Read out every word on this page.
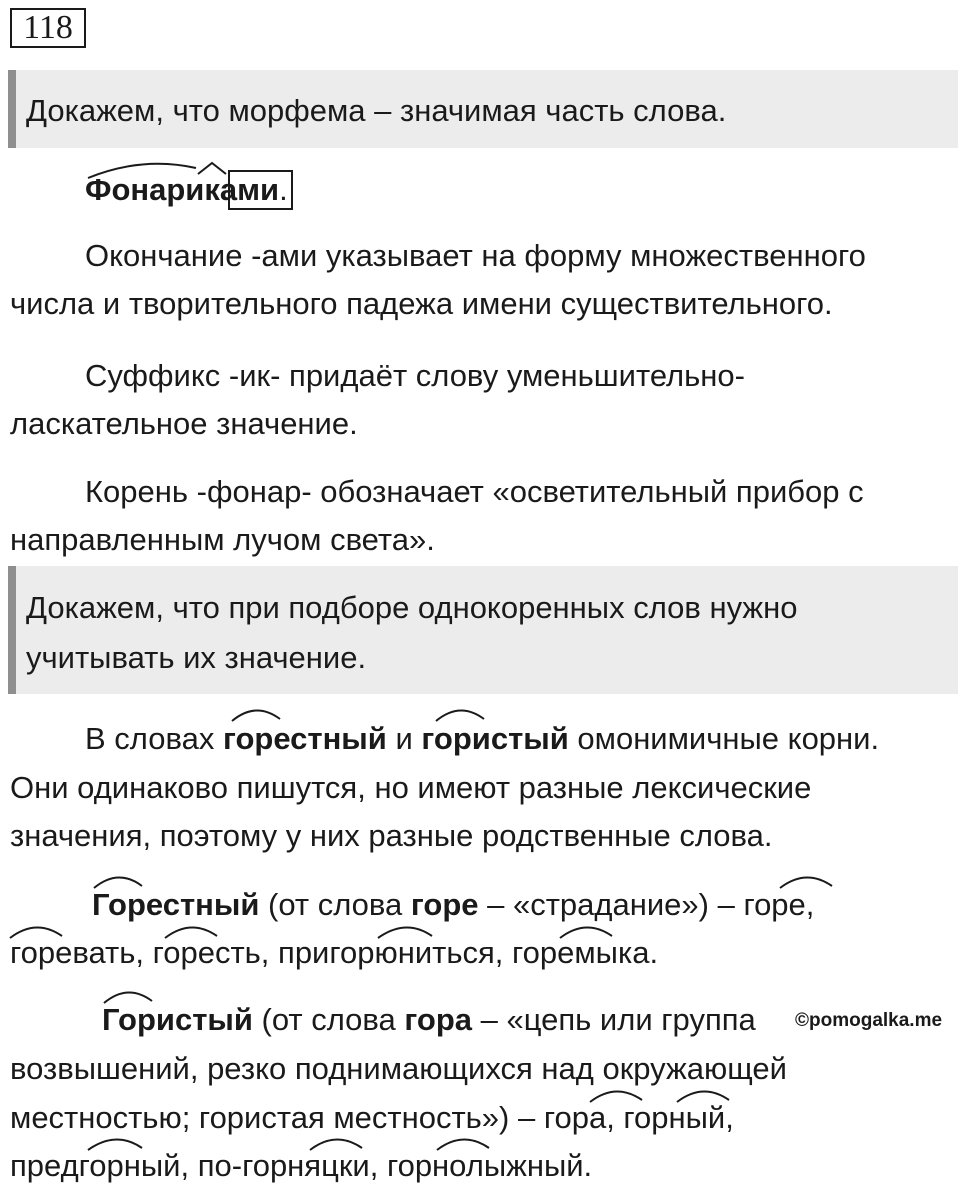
118
Докажем, что морфема – значимая часть слова.
Фонариками.
Окончание -ами указывает на форму множественного
числа и творительного падежа имени существительного.
Суффикс -ик- придаёт слову уменьшительно-
ласкательное значение.
Корень -фонар- обозначает «осветительный прибор с
направленным лучом света».
Докажем, что при подборе однокоренных слов нужно
учитывать их значение.
В словах горестный и гористый омонимичные корни.
Они одинаково пишутся, но имеют разные лексические
значения, поэтому у них разные родственные слова.
Горестный (от слова горе – «страдание») – горе,
горевать, горесть, пригорюниться, горемыка.
Гористый (от слова гора – «цепь или группа
возвышений, резко поднимающихся над окружающей
местностью; гористая местность») – гора, горный,
предгорный, по-горняцки, горнолыжный.
©pomogalka.me
